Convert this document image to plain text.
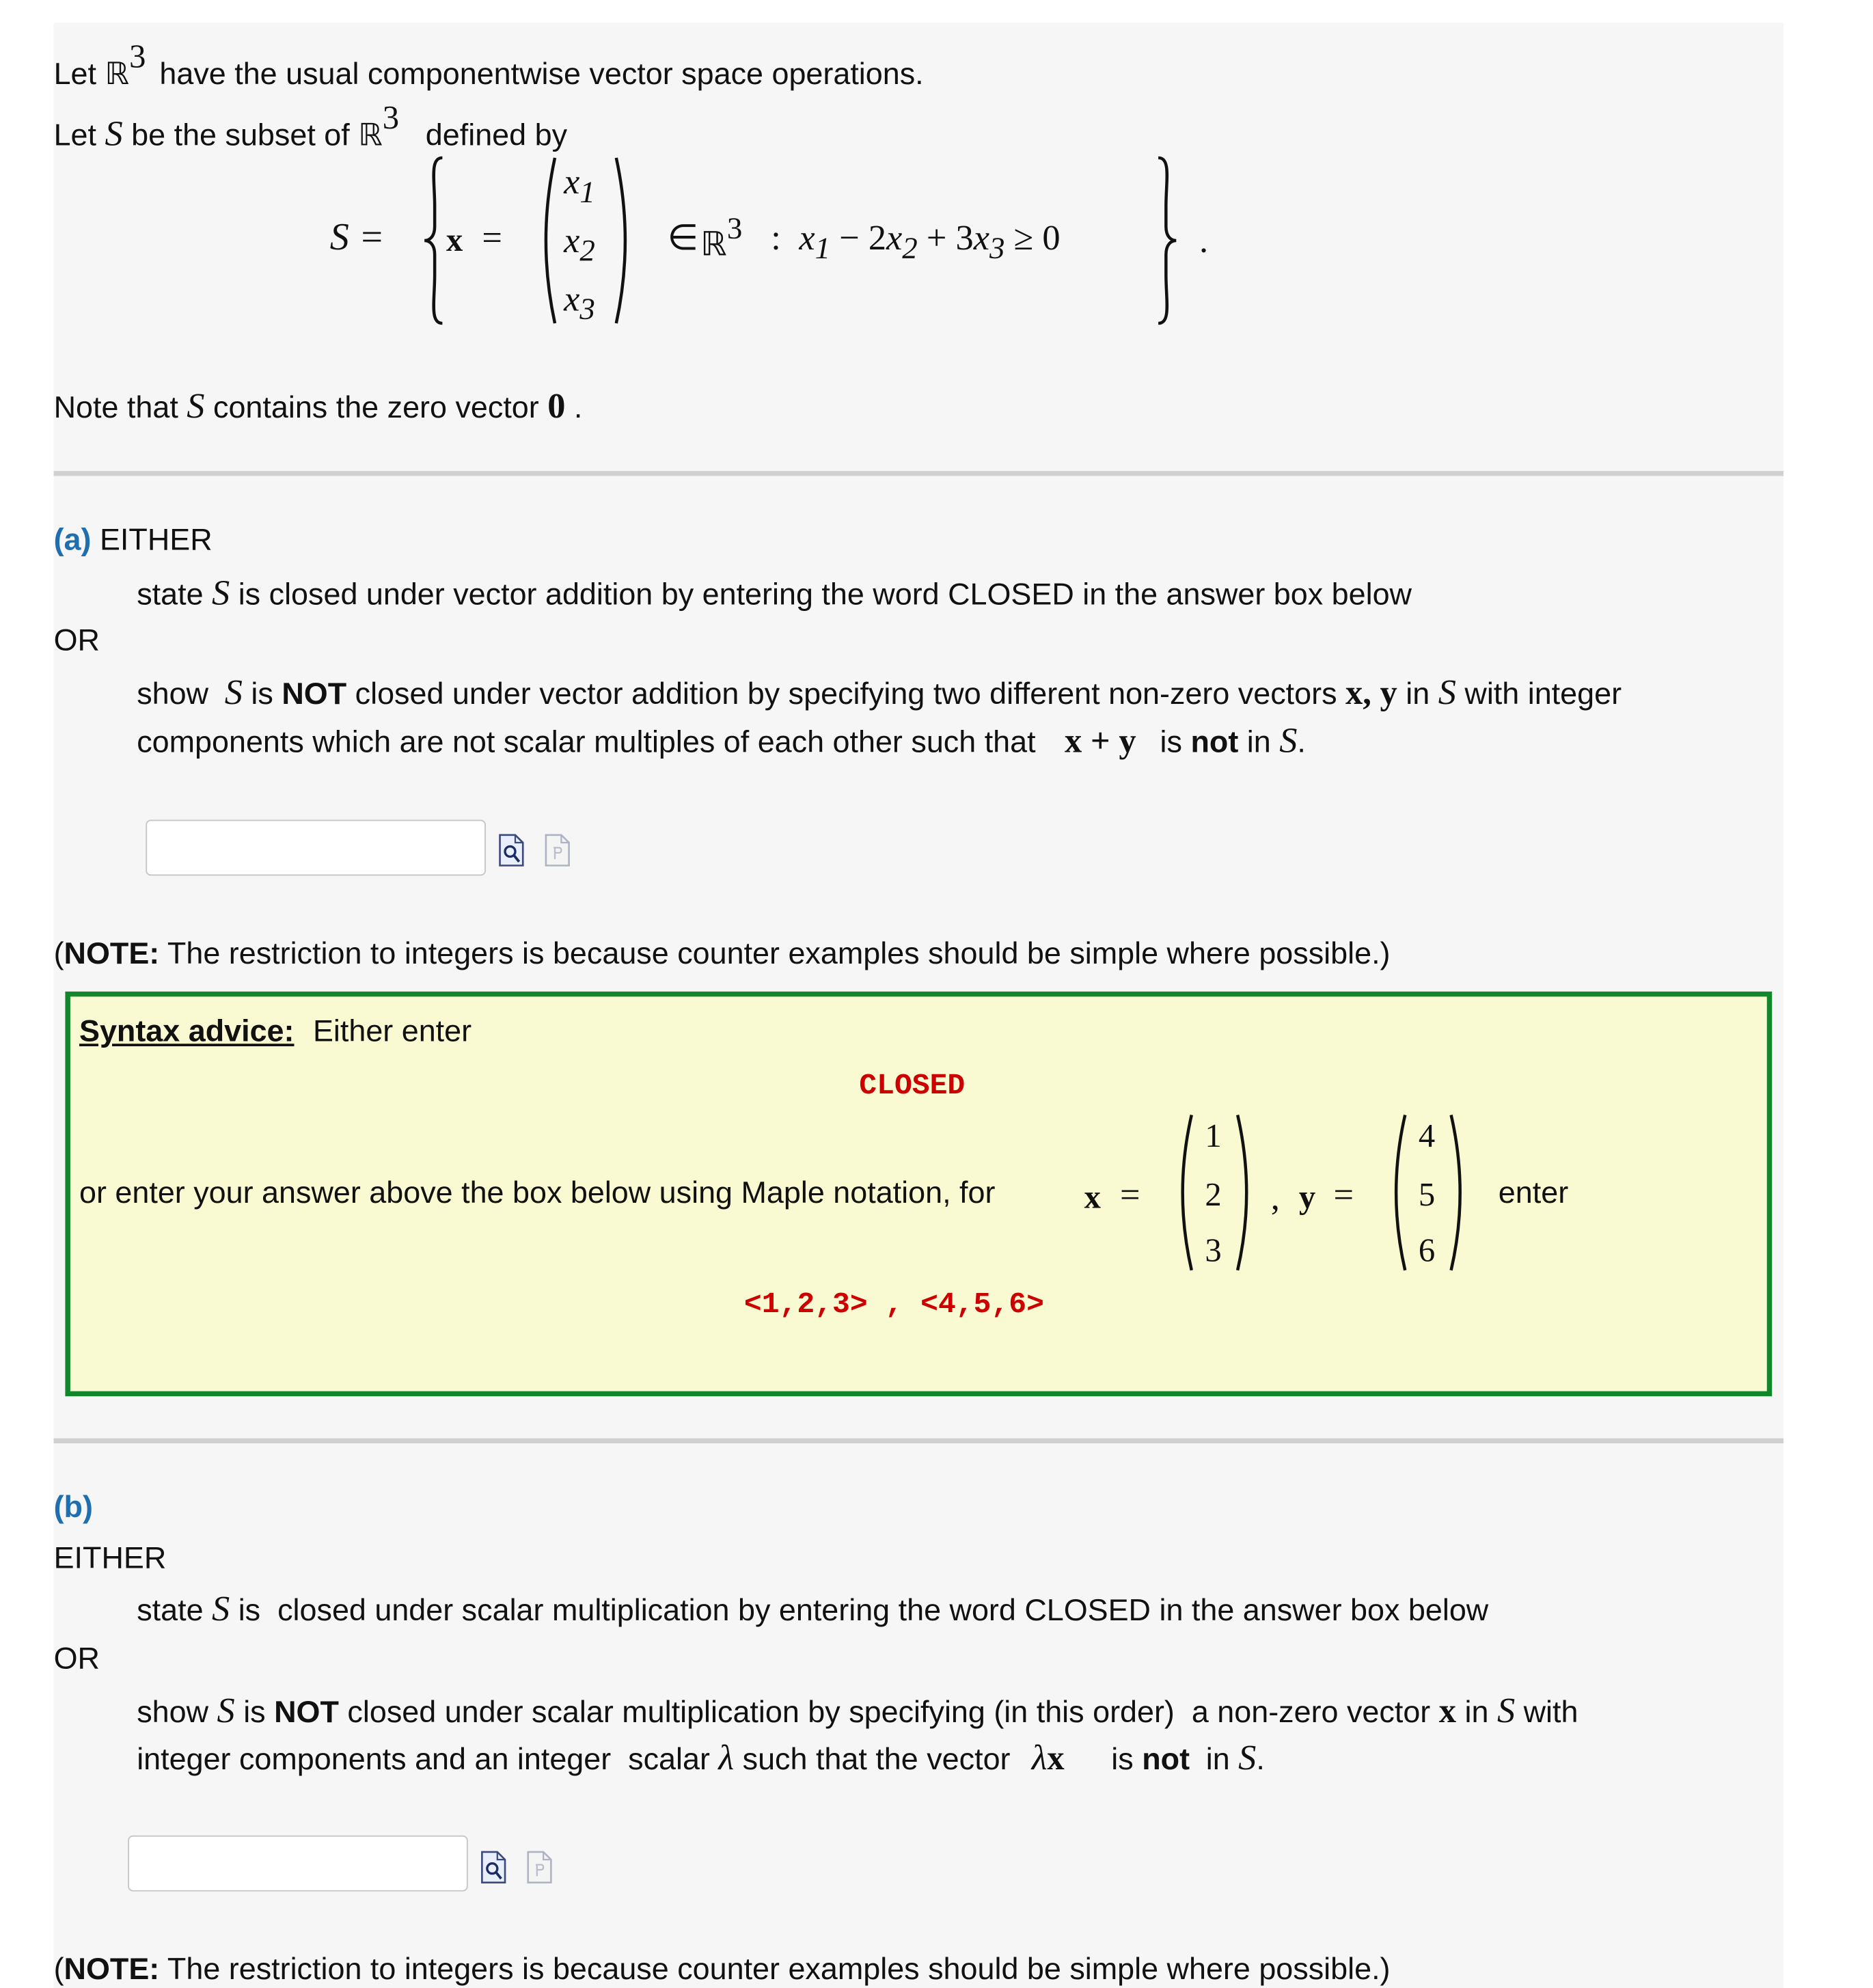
Let ℝ$^3$ have the usual componentwise vector space operations.
Let S be the subset of ℝ$^3$ defined by
S =	x =
$x_1$
$x_2$
$x_3$
∈ ℝ$^3$ : $x_1 - 2x_2 + 3x_3 \ge 0$	.
Note that S contains the zero vector 0 .
(a) EITHER
state S is closed under vector addition by entering the word CLOSED in the answer box below
OR
show S is NOT closed under vector addition by specifying two different non-zero vectors x, y in S with integer
components which are not scalar multiples of each other such that x + y is not in S.
(NOTE: The restriction to integers is because counter examples should be simple where possible.)
Syntax advice: Either enter
CLOSED
or enter your answer above the box below using Maple notation, for	x =
1
2
3
, y =
4
5
6
enter
<1,2,3> , <4,5,6>
(b)
EITHER
state S is  closed under scalar multiplication by entering the word CLOSED in the answer box below
OR
show S is NOT closed under scalar multiplication by specifying (in this order)  a non-zero vector x in S with
integer components and an integer  scalar λ such that the vector λx	is not in S.
(NOTE: The restriction to integers is because counter examples should be simple where possible.)
